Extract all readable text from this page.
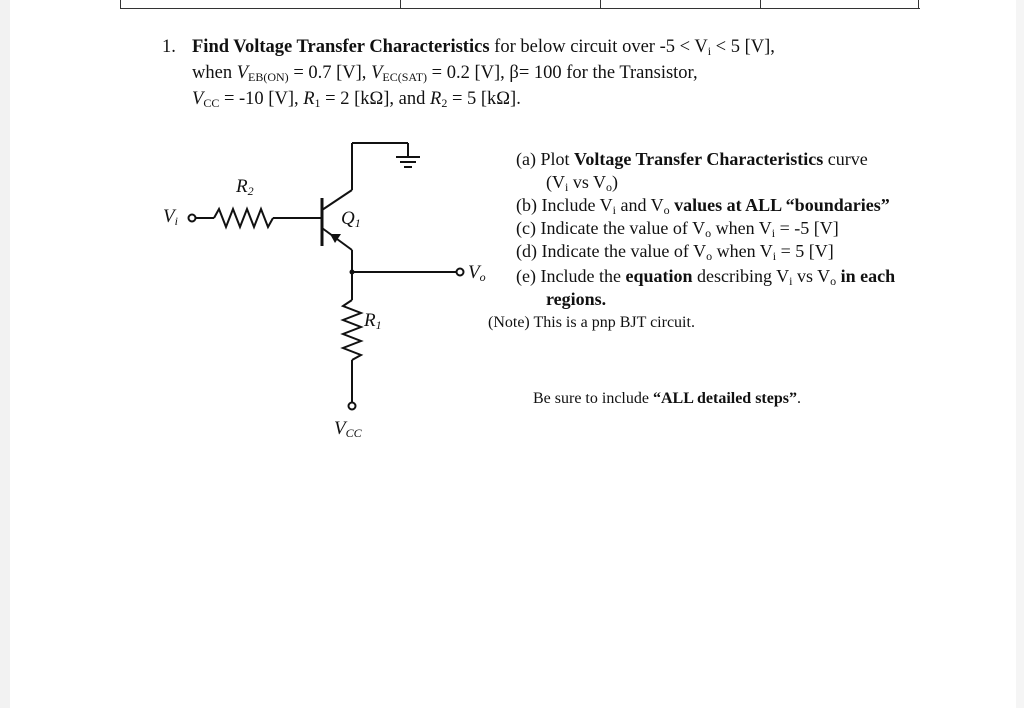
1. Find Voltage Transfer Characteristics for below circuit over $-5 < V_i < 5$ [V],
when $V_{EB(ON)} = 0.7$ [V], $V_{EC(SAT)} = 0.2$ [V], β= 100 for the Transistor,
$V_{CC} = -10$ [V], $R_1 = 2$ [kΩ], and $R_2 = 5$ [kΩ].
$R_2$
$V_i$	$Q_1$
$V_o$
$R_1$
$V_{CC}$
(a) Plot Voltage Transfer Characteristics curve
($V_i$ vs $V_o$)
(b) Include $V_i$ and $V_o$ values at ALL “boundaries”
(c) Indicate the value of $V_o$ when $V_i = -5$ [V]
(d) Indicate the value of $V_o$ when $V_i = 5$ [V]
(e) Include the equation describing $V_i$ vs $V_o$ in each
regions.
(Note) This is a pnp BJT circuit.
Be sure to include “ALL detailed steps”.
